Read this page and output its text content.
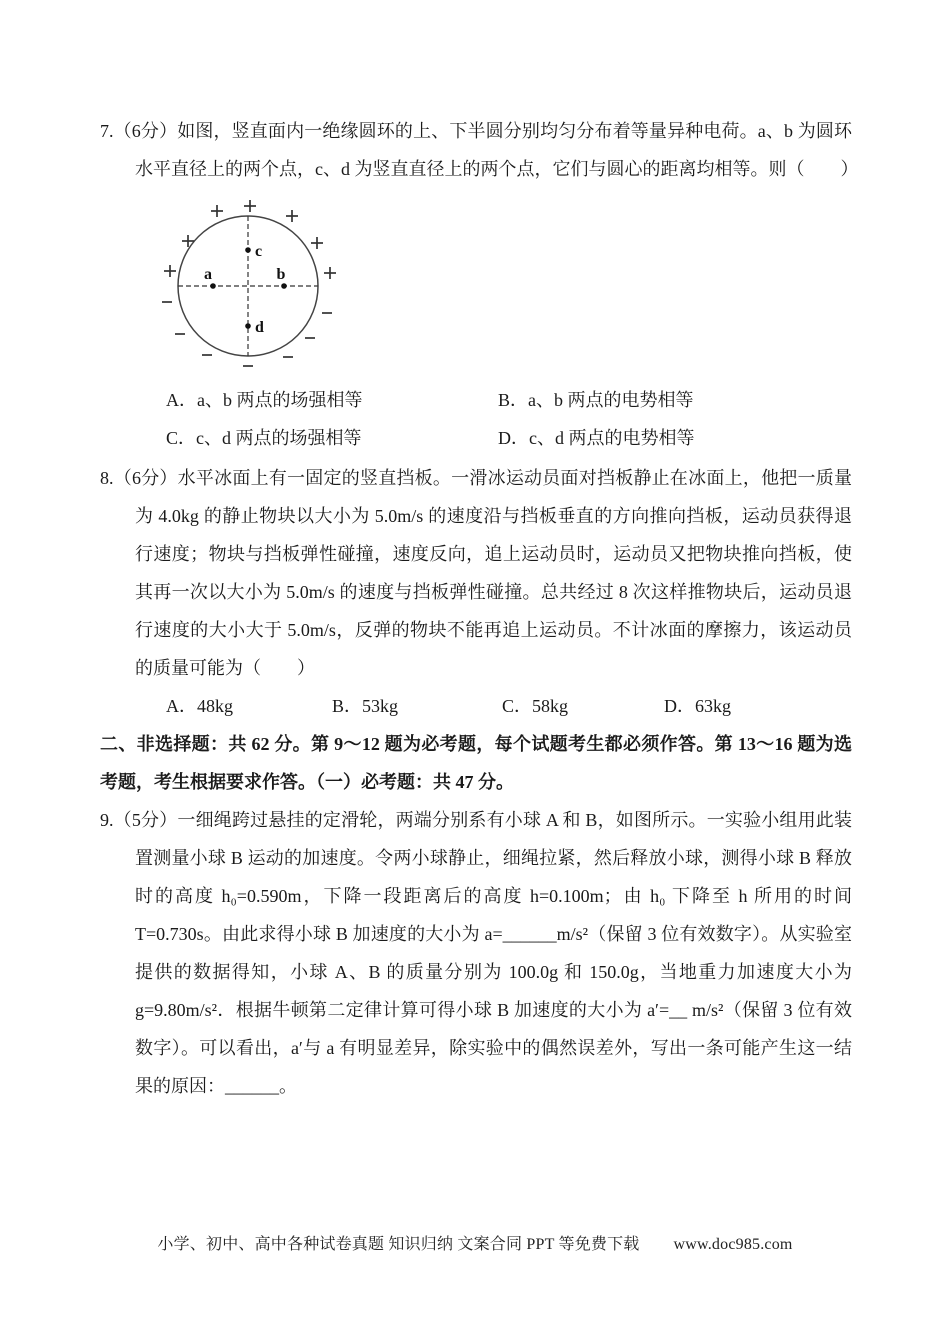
7.（6分）如图，竖直面内一绝缘圆环的上、下半圆分别均匀分布着等量异种电荷。a、b 为圆环水平直径上的两个点，c、d 为竖直直径上的两个点，它们与圆心的距离均相等。则（　　）

a	b
c
d
A．a、b 两点的场强相等	B．a、b 两点的电势相等
C．c、d 两点的场强相等	D．c、d 两点的电势相等

8.（6分）水平冰面上有一固定的竖直挡板。一滑冰运动员面对挡板静止在冰面上，他把一质量为 4.0kg 的静止物块以大小为 5.0m/s 的速度沿与挡板垂直的方向推向挡板，运动员获得退行速度；物块与挡板弹性碰撞，速度反向，追上运动员时，运动员又把物块推向挡板，使其再一次以大小为 5.0m/s 的速度与挡板弹性碰撞。总共经过 8 次这样推物块后，运动员退行速度的大小大于 5.0m/s，反弹的物块不能再追上运动员。不计冰面的摩擦力，该运动员的质量可能为（　　）

A．48kg	B．53kg	C．58kg	D．63kg

二、非选择题：共 62 分。第 9～12 题为必考题，每个试题考生都必须作答。第 13～16 题为选考题，考生根据要求作答。（一）必考题：共 47 分。

9.（5分）一细绳跨过悬挂的定滑轮，两端分别系有小球 A 和 B，如图所示。一实验小组用此装置测量小球 B 运动的加速度。令两小球静止，细绳拉紧，然后释放小球，测得小球 B 释放时的高度 h₀=0.590m，下降一段距离后的高度 h=0.100m；由 h₀ 下降至 h 所用的时间 T=0.730s。由此求得小球 B 加速度的大小为 a=______m/s²（保留 3 位有效数字）。从实验室提供的数据得知，小球 A、B 的质量分别为 100.0g 和 150.0g，当地重力加速度大小为 g=9.80m/s²．根据牛顿第二定律计算可得小球 B 加速度的大小为 a′=__ m/s²（保留 3 位有效数字）。可以看出，a′与 a 有明显差异，除实验中的偶然误差外，写出一条可能产生这一结果的原因：______。

小学、初中、高中各种试卷真题 知识归纳 文案合同 PPT 等免费下载 www.doc985.com
